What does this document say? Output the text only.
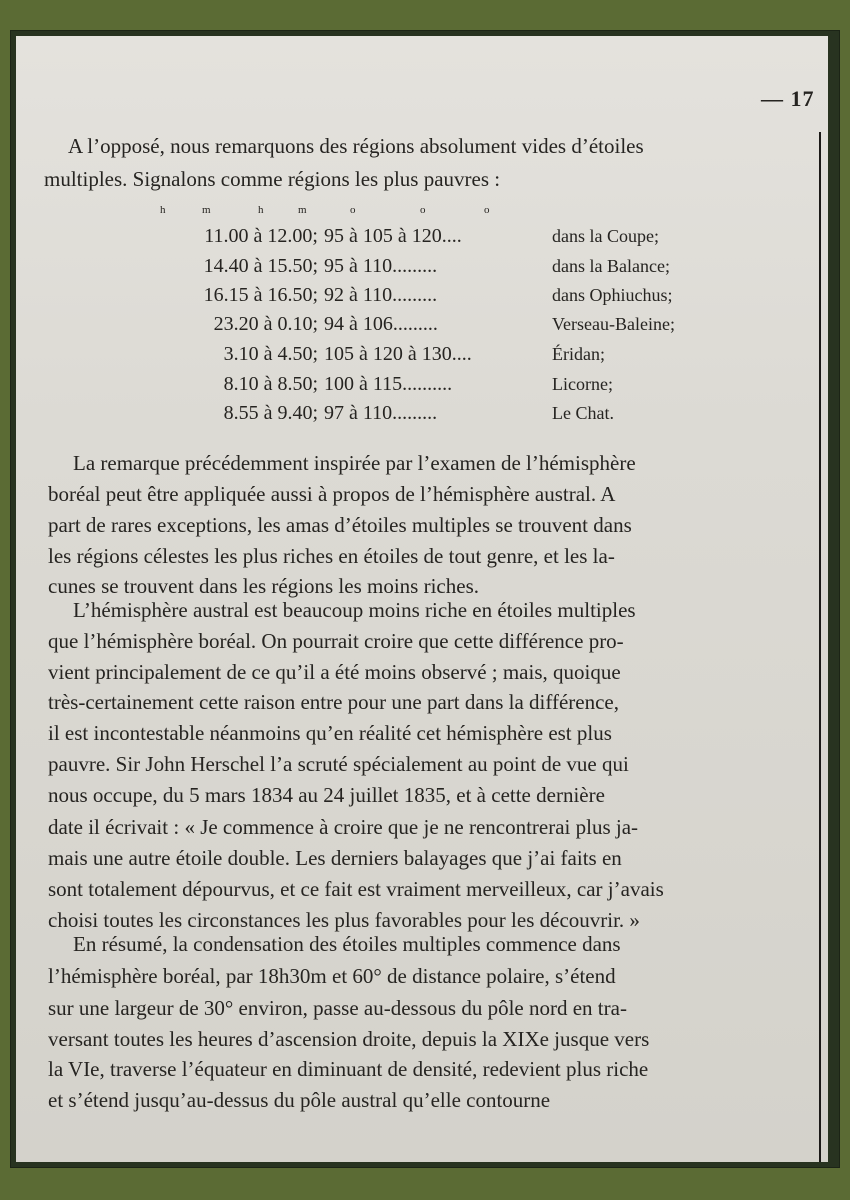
— 17

A l’opposé, nous remarquons des régions absolument vides d’étoiles

multiples. Signalons comme régions les plus pauvres :

h	m	h	m	o	o	o
11.00 à 12.00; 95 à 105 à 120....	dans la Coupe;
14.40 à 15.50; 95 à 110.........	dans la Balance;
16.15 à 16.50; 92 à 110.........	dans Ophiuchus;
23.20 à 0.10; 94 à 106.........	Verseau-Baleine;
3.10 à 4.50; 105 à 120 à 130....	Éridan;
8.10 à 8.50; 100 à 115..........	Licorne;
8.55 à 9.40; 97 à 110.........	Le Chat.

La remarque précédemment inspirée par l’examen de l’hémisphère

boréal peut être appliquée aussi à propos de l’hémisphère austral. A

part de rares exceptions, les amas d’étoiles multiples se trouvent dans

les régions célestes les plus riches en étoiles de tout genre, et les la-

cunes se trouvent dans les régions les moins riches.

L’hémisphère austral est beaucoup moins riche en étoiles multiples

que l’hémisphère boréal. On pourrait croire que cette différence pro-

vient principalement de ce qu’il a été moins observé ; mais, quoique

très-certainement cette raison entre pour une part dans la différence,

il est incontestable néanmoins qu’en réalité cet hémisphère est plus

pauvre. Sir John Herschel l’a scruté spécialement au point de vue qui

nous occupe, du 5 mars 1834 au 24 juillet 1835, et à cette dernière

date il écrivait : « Je commence à croire que je ne rencontrerai plus ja-

mais une autre étoile double. Les derniers balayages que j’ai faits en

sont totalement dépourvus, et ce fait est vraiment merveilleux, car j’avais

choisi toutes les circonstances les plus favorables pour les découvrir. »

En résumé, la condensation des étoiles multiples commence dans

l’hémisphère boréal, par 18h30m et 60° de distance polaire, s’étend

sur une largeur de 30° environ, passe au-dessous du pôle nord en tra-

versant toutes les heures d’ascension droite, depuis la XIXe jusque vers

la VIe, traverse l’équateur en diminuant de densité, redevient plus riche

et s’étend jusqu’au-dessus du pôle austral qu’elle contourne
